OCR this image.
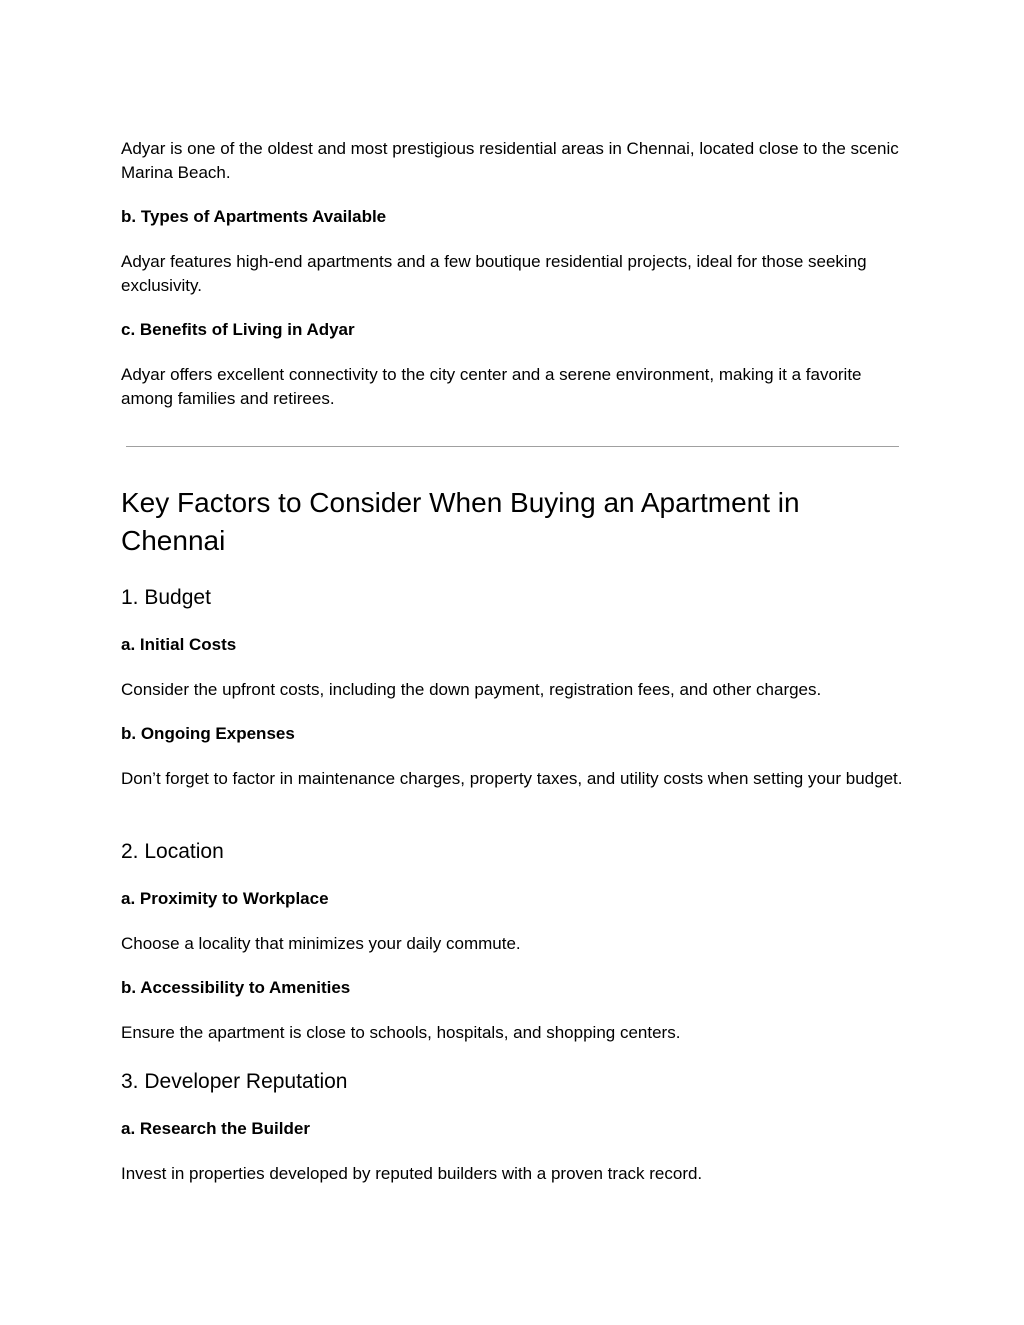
Adyar is one of the oldest and most prestigious residential areas in Chennai, located close to the scenic Marina Beach.

b. Types of Apartments Available

Adyar features high-end apartments and a few boutique residential projects, ideal for those seeking exclusivity.

c. Benefits of Living in Adyar

Adyar offers excellent connectivity to the city center and a serene environment, making it a favorite among families and retirees.

Key Factors to Consider When Buying an Apartment in Chennai
1. Budget
a. Initial Costs

Consider the upfront costs, including the down payment, registration fees, and other charges.

b. Ongoing Expenses

Don’t forget to factor in maintenance charges, property taxes, and utility costs when setting your budget.

2. Location
a. Proximity to Workplace

Choose a locality that minimizes your daily commute.

b. Accessibility to Amenities

Ensure the apartment is close to schools, hospitals, and shopping centers.

3. Developer Reputation
a. Research the Builder

Invest in properties developed by reputed builders with a proven track record.
